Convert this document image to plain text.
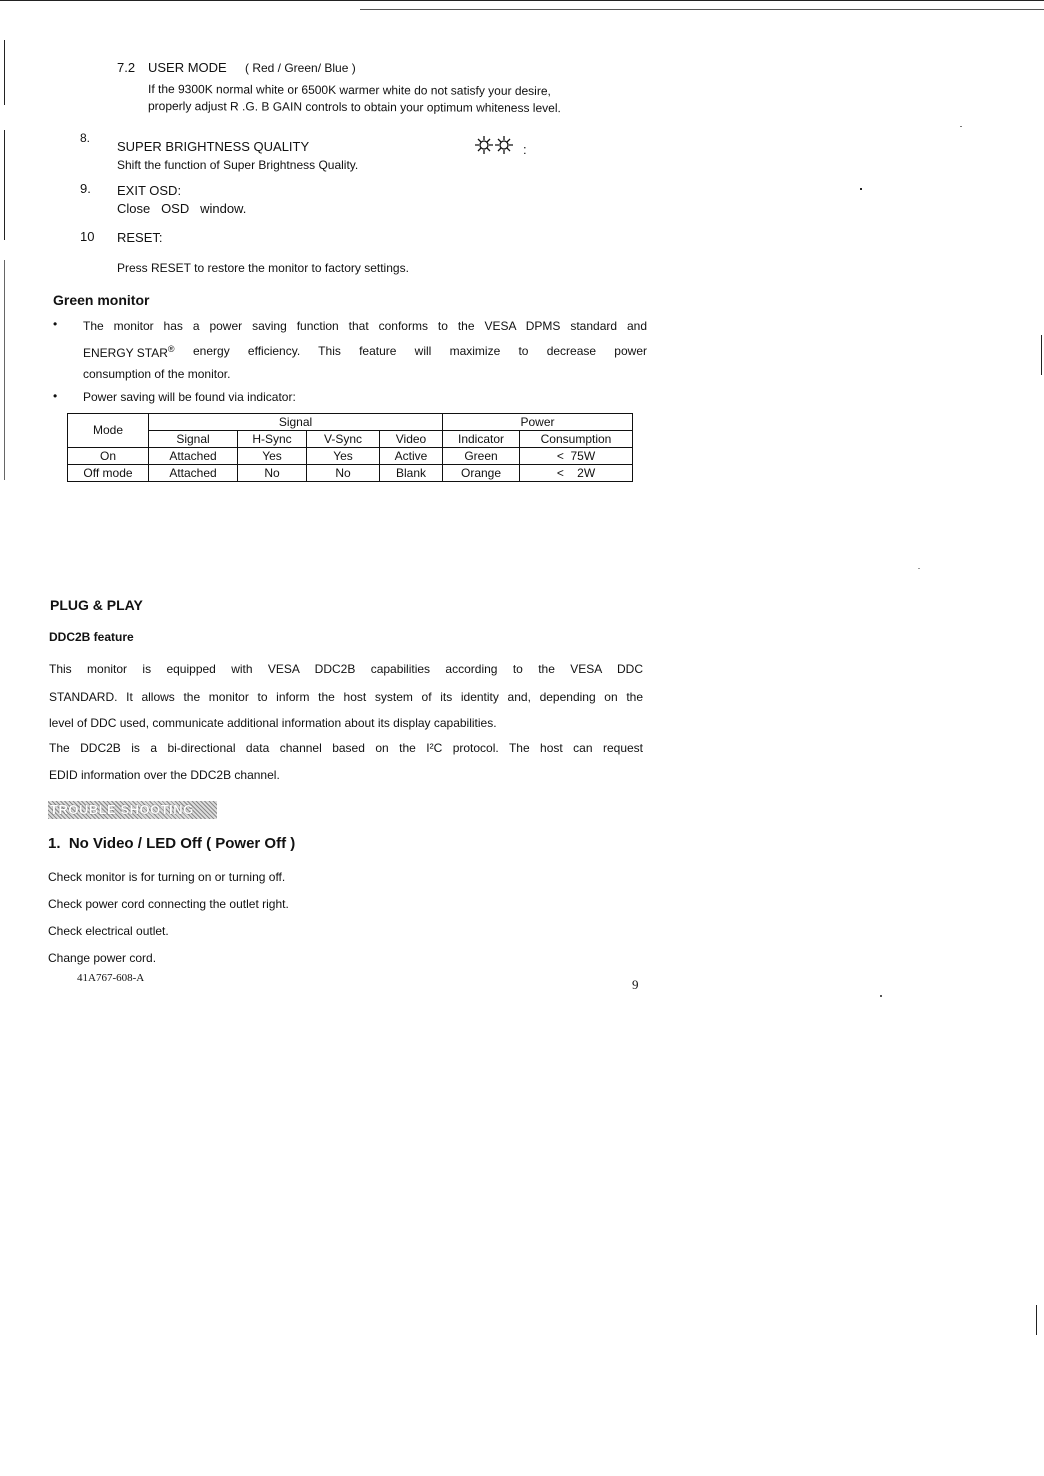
7.2 USER MODE ( Red / Green/ Blue )
If the 9300K normal white or 6500K warmer white do not satisfy your desire,
properly adjust R .G. B GAIN controls to obtain your optimum whiteness level.
8.
SUPER BRIGHTNESS QUALITY
Shift the function of Super Brightness Quality.
:
9. EXIT OSD:
Close   OSD   window.
10 RESET:
Press RESET to restore the monitor to factory settings.
Green monitor
• The monitor has a power saving function that conforms to the VESA DPMS standard and
ENERGY STAR® energy efficiency. This feature will maximize to decrease power
consumption of the monitor.
• Power saving will be found via indicator:
Mode	Signal				Power	
	Signal	H-Sync	V-Sync	Video	Indicator	Consumption
On	Attached	Yes	Yes	Active	Green	<  75W
Off mode	Attached	No	No	Blank	Orange	<    2W
PLUG & PLAY
DDC2B feature
This monitor is equipped with VESA DDC2B capabilities according to the VESA DDC
STANDARD. It allows the monitor to inform the host system of its identity and, depending on the
level of DDC used, communicate additional information about its display capabilities.
The DDC2B is a bi-directional data channel based on the I²C protocol. The host can request
EDID information over the DDC2B channel.
TROUBLE SHOOTING
1.  No Video / LED Off ( Power Off )
Check monitor is for turning on or turning off.
Check power cord connecting the outlet right.
Check electrical outlet.
Change power cord.
41A767-608-A	9
